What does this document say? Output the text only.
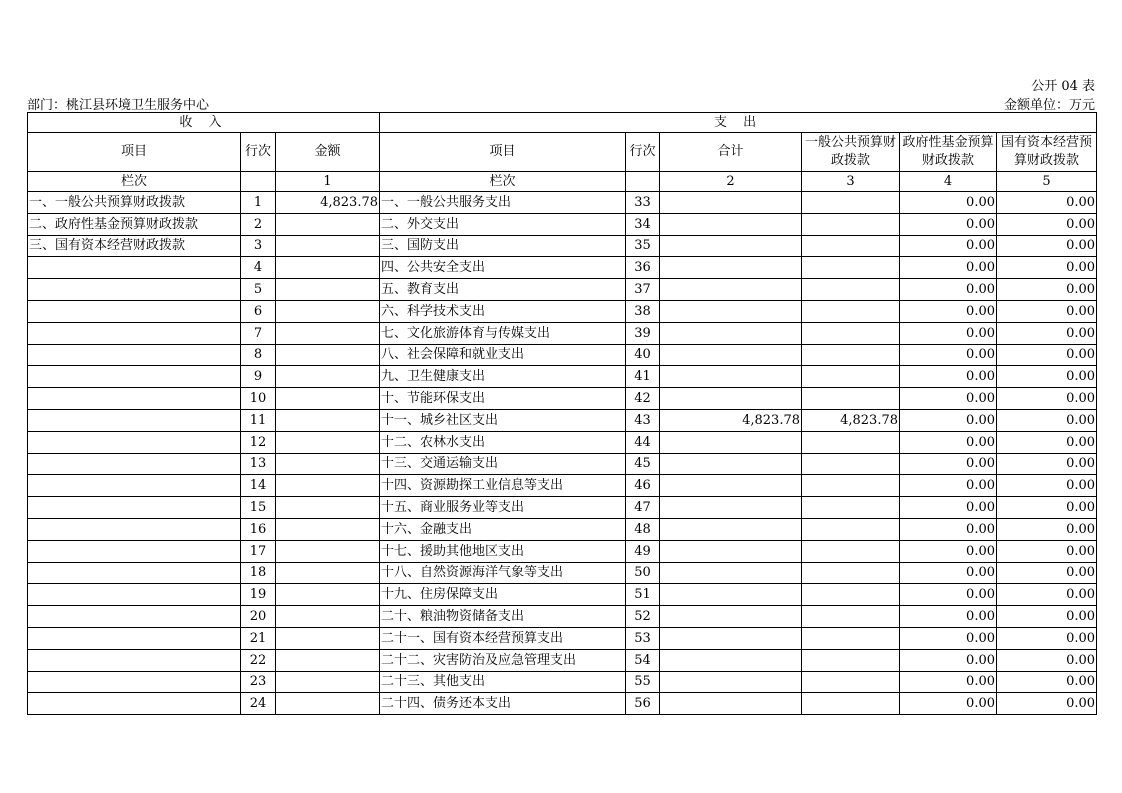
公开 04 表
部门：桃江县环境卫生服务中心	金额单位：万元
收 入			支 出					
项目	行次	金额	项目	行次	合计	一般公共预算财政拨款	政府性基金预算财政拨款	国有资本经营预算财政拨款
栏次		1	栏次		2	3	4	5
一、一般公共预算财政拨款	1	4,823.78	一、一般公共服务支出	33			0.00	0.00
二、政府性基金预算财政拨款	2		二、外交支出	34			0.00	0.00
三、国有资本经营财政拨款	3		三、国防支出	35			0.00	0.00
	4		四、公共安全支出	36			0.00	0.00
	5		五、教育支出	37			0.00	0.00
	6		六、科学技术支出	38			0.00	0.00
	7		七、文化旅游体育与传媒支出	39			0.00	0.00
	8		八、社会保障和就业支出	40			0.00	0.00
	9		九、卫生健康支出	41			0.00	0.00
	10		十、节能环保支出	42			0.00	0.00
	11		十一、城乡社区支出	43	4,823.78	4,823.78	0.00	0.00
	12		十二、农林水支出	44			0.00	0.00
	13		十三、交通运输支出	45			0.00	0.00
	14		十四、资源勘探工业信息等支出	46			0.00	0.00
	15		十五、商业服务业等支出	47			0.00	0.00
	16		十六、金融支出	48			0.00	0.00
	17		十七、援助其他地区支出	49			0.00	0.00
	18		十八、自然资源海洋气象等支出	50			0.00	0.00
	19		十九、住房保障支出	51			0.00	0.00
	20		二十、粮油物资储备支出	52			0.00	0.00
	21		二十一、国有资本经营预算支出	53			0.00	0.00
	22		二十二、灾害防治及应急管理支出	54			0.00	0.00
	23		二十三、其他支出	55			0.00	0.00
	24		二十四、债务还本支出	56			0.00	0.00
